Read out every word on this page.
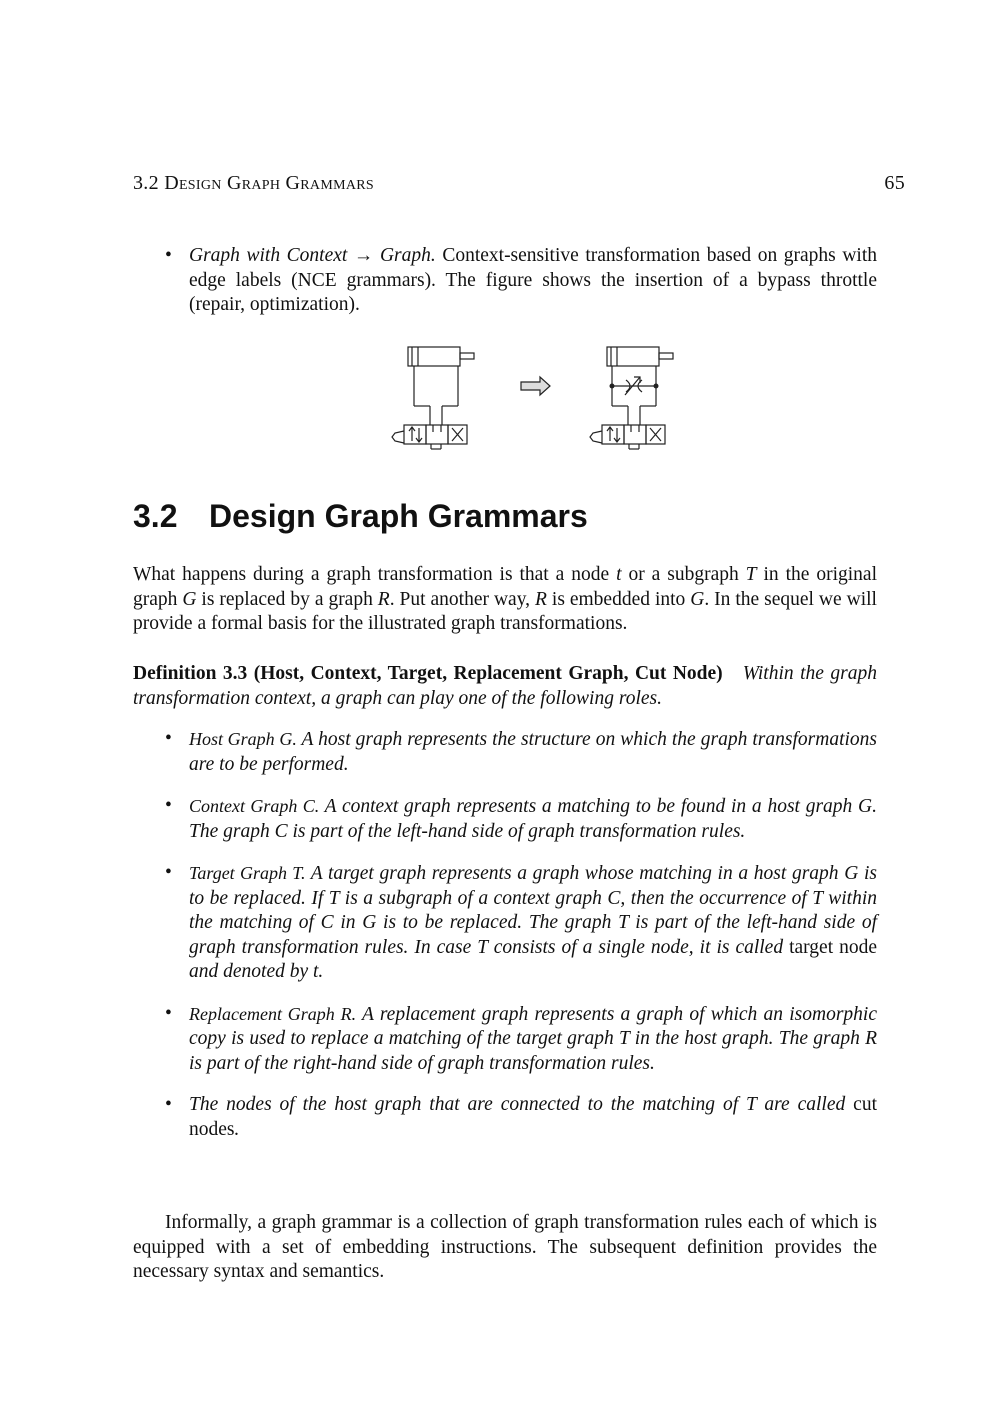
3.2 Design Graph Grammars	65
• Graph with Context → Graph. Context-sensitive transformation based on graphs with edge labels (NCE grammars). The figure shows the insertion of a bypass throttle (repair, optimization).
3.2 Design Graph Grammars
What happens during a graph transformation is that a node t or a subgraph T in the original graph G is replaced by a graph R. Put another way, R is embedded into G. In the sequel we will provide a formal basis for the illustrated graph transformations.
Definition 3.3 (Host, Context, Target, Replacement Graph, Cut Node) Within the graph transformation context, a graph can play one of the following roles.
• Host Graph G. A host graph represents the structure on which the graph transformations are to be performed.
• Context Graph C. A context graph represents a matching to be found in a host graph G. The graph C is part of the left-hand side of graph transformation rules.
• Target Graph T. A target graph represents a graph whose matching in a host graph G is to be replaced. If T is a subgraph of a context graph C, then the occurrence of T within the matching of C in G is to be replaced. The graph T is part of the left-hand side of graph transformation rules. In case T consists of a single node, it is called target node and denoted by t.
• Replacement Graph R. A replacement graph represents a graph of which an isomorphic copy is used to replace a matching of the target graph T in the host graph. The graph R is part of the right-hand side of graph transformation rules.
• The nodes of the host graph that are connected to the matching of T are called cut nodes.
Informally, a graph grammar is a collection of graph transformation rules each of which is equipped with a set of embedding instructions. The subsequent definition provides the necessary syntax and semantics.
